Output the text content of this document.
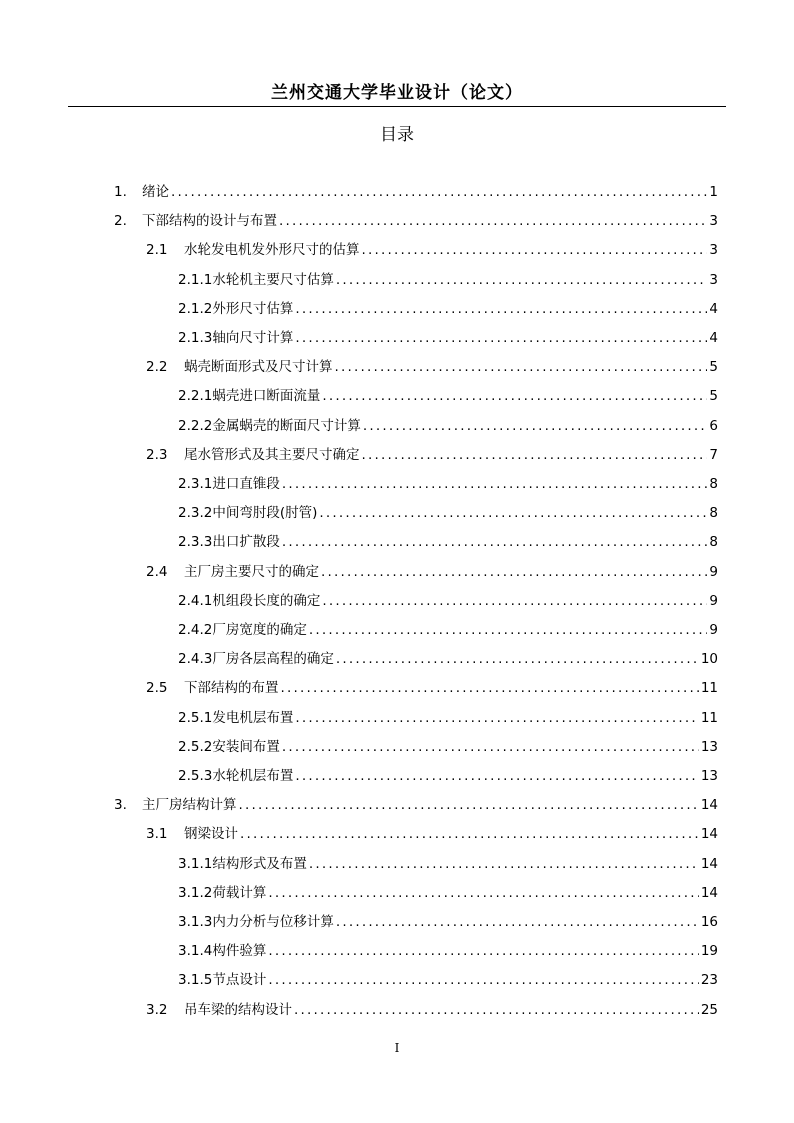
兰州交通大学毕业设计（论文）
目录
1.	绪论 .....	1
2.	下部结构的设计与布置 .....	3
2.1	水轮发电机发外形尺寸的估算 .....	3
2.1.1水轮机主要尺寸估算 .....	3
2.1.2外形尺寸估算 .....	4
2.1.3轴向尺寸计算 .....	4
2.2	蜗壳断面形式及尺寸计算 .....	5
2.2.1蜗壳进口断面流量 .....	5
2.2.2金属蜗壳的断面尺寸计算 .....	6
2.3	尾水管形式及其主要尺寸确定 .....	7
2.3.1进口直锥段 .....	8
2.3.2中间弯肘段(肘管) .....	8
2.3.3出口扩散段 .....	8
2.4	主厂房主要尺寸的确定 .....	9
2.4.1机组段长度的确定 .....	9
2.4.2厂房宽度的确定 .....	9
2.4.3厂房各层高程的确定 .....	10
2.5	下部结构的布置 .....	11
2.5.1发电机层布置 .....	11
2.5.2安装间布置 .....	13
2.5.3水轮机层布置 .....	13
3.	主厂房结构计算 .....	14
3.1	钢梁设计 .....	14
3.1.1结构形式及布置 .....	14
3.1.2荷载计算 .....	14
3.1.3内力分析与位移计算 .....	16
3.1.4构件验算 .....	19
3.1.5节点设计 .....	23
3.2	吊车梁的结构设计 .....	25
I
